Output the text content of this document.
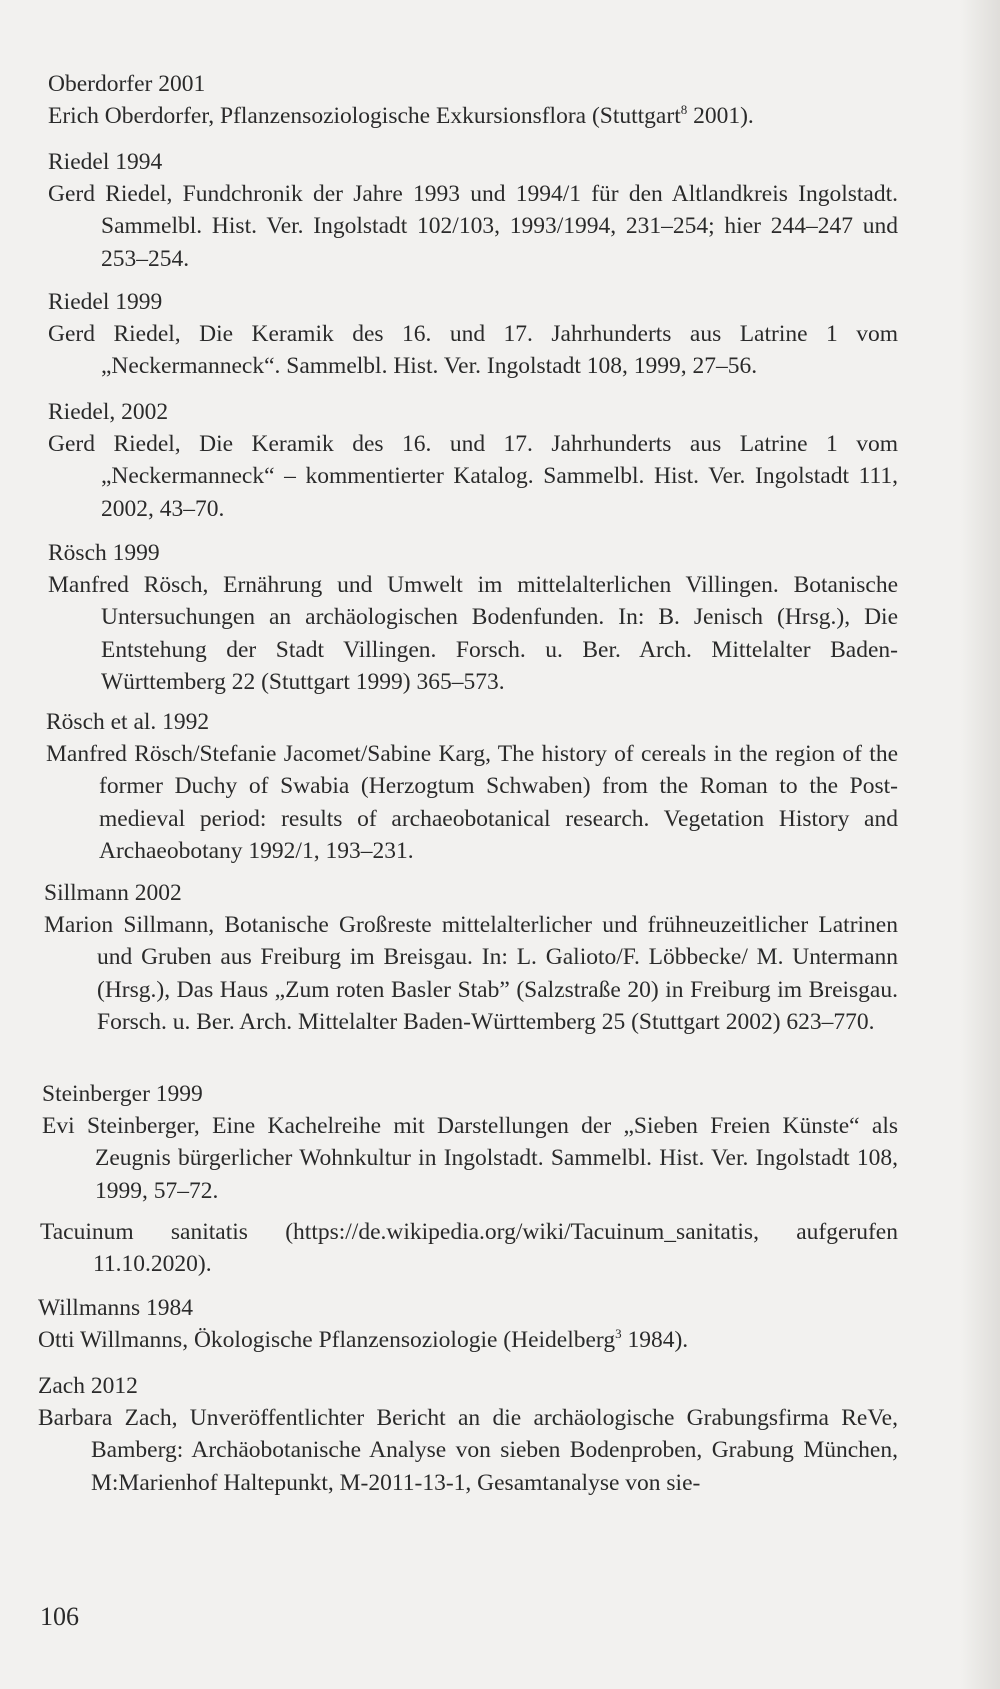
Oberdorfer 2001
Erich Oberdorfer, Pflanzensoziologische Exkursionsflora (Stuttgart$^8$ 2001).
Riedel 1994
Gerd Riedel, Fundchronik der Jahre 1993 und 1994/1 für den Altlandkreis Ingolstadt. Sammelbl. Hist. Ver. Ingolstadt 102/103, 1993/1994, 231–254; hier 244–247 und 253–254.
Riedel 1999
Gerd Riedel, Die Keramik des 16. und 17. Jahrhunderts aus Latrine 1 vom „Neckermanneck“. Sammelbl. Hist. Ver. Ingolstadt 108, 1999, 27–56.
Riedel, 2002
Gerd Riedel, Die Keramik des 16. und 17. Jahrhunderts aus Latrine 1 vom „Neckermanneck“ – kommentierter Katalog. Sammelbl. Hist. Ver. Ingolstadt 111, 2002, 43–70.
Rösch 1999
Manfred Rösch, Ernährung und Umwelt im mittelalterlichen Villingen. Botanische Untersuchungen an archäologischen Bodenfunden. In: B. Jenisch (Hrsg.), Die Entstehung der Stadt Villingen. Forsch. u. Ber. Arch. Mittelalter Baden-Württemberg 22 (Stuttgart 1999) 365–573.
Rösch et al. 1992
Manfred Rösch/Stefanie Jacomet/Sabine Karg, The history of cereals in the region of the former Duchy of Swabia (Herzogtum Schwaben) from the Roman to the Post-medieval period: results of archaeobotanical research. Vegetation History and Archaeobotany 1992/1, 193–231.
Sillmann 2002
Marion Sillmann, Botanische Großreste mittelalterlicher und frühneuzeitlicher Latrinen und Gruben aus Freiburg im Breisgau. In: L. Galioto/F. Löbbecke/ M. Untermann (Hrsg.), Das Haus „Zum roten Basler Stab” (Salzstraße 20) in Freiburg im Breisgau. Forsch. u. Ber. Arch. Mittelalter Baden-Württemberg 25 (Stuttgart 2002) 623–770.
Steinberger 1999
Evi Steinberger, Eine Kachelreihe mit Darstellungen der „Sieben Freien Künste“ als Zeugnis bürgerlicher Wohnkultur in Ingolstadt. Sammelbl. Hist. Ver. Ingolstadt 108, 1999, 57–72.
Tacuinum sanitatis (https://de.wikipedia.org/wiki/Tacuinum_sanitatis, aufgerufen 11.10.2020).
Willmanns 1984
Otti Willmanns, Ökologische Pflanzensoziologie (Heidelberg$^3$ 1984).
Zach 2012
Barbara Zach, Unveröffentlichter Bericht an die archäologische Grabungsfirma ReVe, Bamberg: Archäobotanische Analyse von sieben Bodenproben, Grabung München, M:Marienhof Haltepunkt, M-2011-13-1, Gesamtanalyse von sie-
106
